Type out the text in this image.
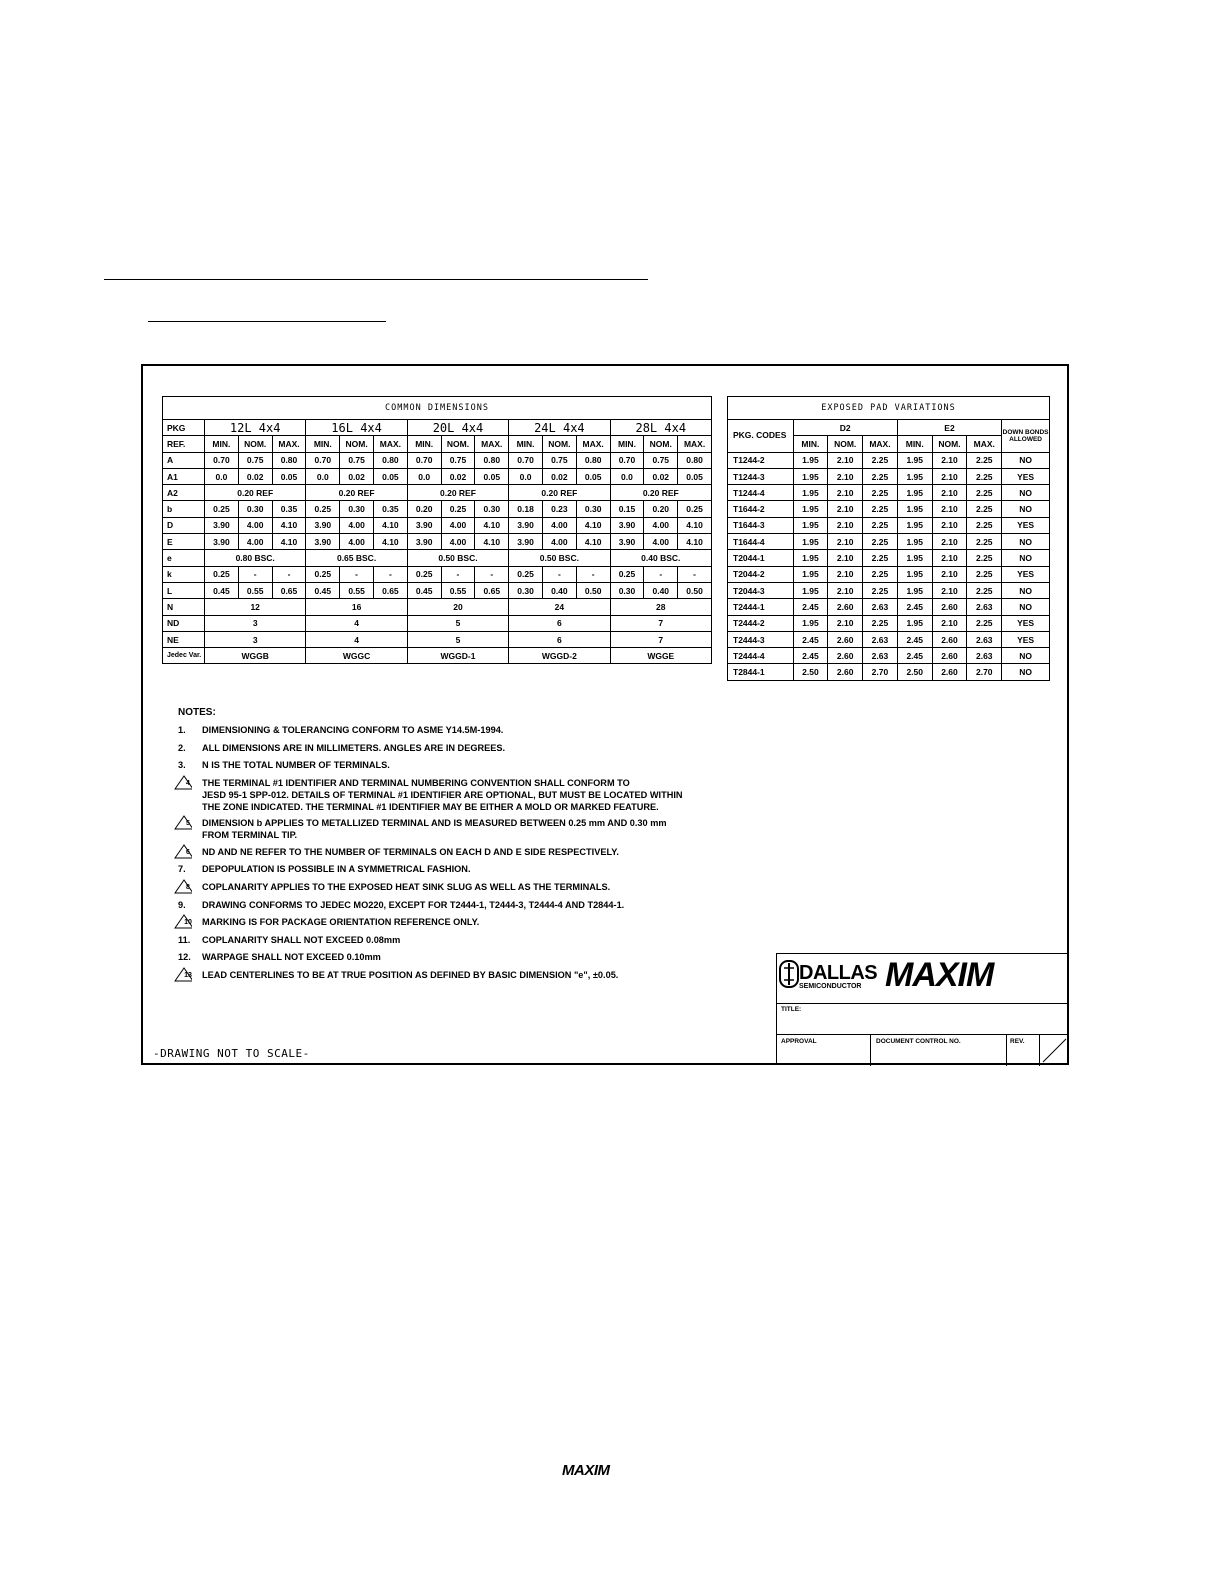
COMMON DIMENSIONS															
PKG	12L 4x4			16L 4x4			20L 4x4			24L 4x4			28L 4x4		
REF.	MIN.	NOM.	MAX.	MIN.	NOM.	MAX.	MIN.	NOM.	MAX.	MIN.	NOM.	MAX.	MIN.	NOM.	MAX.
A	0.70	0.75	0.80	0.70	0.75	0.80	0.70	0.75	0.80	0.70	0.75	0.80	0.70	0.75	0.80
A1	0.0	0.02	0.05	0.0	0.02	0.05	0.0	0.02	0.05	0.0	0.02	0.05	0.0	0.02	0.05
A2	0.20 REF			0.20 REF			0.20 REF			0.20 REF			0.20 REF		
b	0.25	0.30	0.35	0.25	0.30	0.35	0.20	0.25	0.30	0.18	0.23	0.30	0.15	0.20	0.25
D	3.90	4.00	4.10	3.90	4.00	4.10	3.90	4.00	4.10	3.90	4.00	4.10	3.90	4.00	4.10
E	3.90	4.00	4.10	3.90	4.00	4.10	3.90	4.00	4.10	3.90	4.00	4.10	3.90	4.00	4.10
e	0.80 BSC.			0.65 BSC.			0.50 BSC.			0.50 BSC.			0.40 BSC.		
k	0.25	-	-	0.25	-	-	0.25	-	-	0.25	-	-	0.25	-	-
L	0.45	0.55	0.65	0.45	0.55	0.65	0.45	0.55	0.65	0.30	0.40	0.50	0.30	0.40	0.50
N	12			16			20			24			28		
ND	3			4			5			6			7		
NE	3			4			5			6			7		
Jedec Var.	WGGB			WGGC			WGGD-1			WGGD-2			WGGE		
EXPOSED PAD VARIATIONS							
PKG. CODES	D2			E2			DOWN BONDS ALLOWED
	MIN.	NOM.	MAX.	MIN.	NOM.	MAX.	
T1244-2	1.95	2.10	2.25	1.95	2.10	2.25	NO
T1244-3	1.95	2.10	2.25	1.95	2.10	2.25	YES
T1244-4	1.95	2.10	2.25	1.95	2.10	2.25	NO
T1644-2	1.95	2.10	2.25	1.95	2.10	2.25	NO
T1644-3	1.95	2.10	2.25	1.95	2.10	2.25	YES
T1644-4	1.95	2.10	2.25	1.95	2.10	2.25	NO
T2044-1	1.95	2.10	2.25	1.95	2.10	2.25	NO
T2044-2	1.95	2.10	2.25	1.95	2.10	2.25	YES
T2044-3	1.95	2.10	2.25	1.95	2.10	2.25	NO
T2444-1	2.45	2.60	2.63	2.45	2.60	2.63	NO
T2444-2	1.95	2.10	2.25	1.95	2.10	2.25	YES
T2444-3	2.45	2.60	2.63	2.45	2.60	2.63	YES
T2444-4	2.45	2.60	2.63	2.45	2.60	2.63	NO
T2844-1	2.50	2.60	2.70	2.50	2.60	2.70	NO
NOTES:
1. DIMENSIONING & TOLERANCING CONFORM TO ASME Y14.5M-1994.
2. ALL DIMENSIONS ARE IN MILLIMETERS. ANGLES ARE IN DEGREES.
3. N IS THE TOTAL NUMBER OF TERMINALS.
4	THE TERMINAL #1 IDENTIFIER AND TERMINAL NUMBERING CONVENTION SHALL CONFORM TO
JESD 95-1 SPP-012. DETAILS OF TERMINAL #1 IDENTIFIER ARE OPTIONAL, BUT MUST BE LOCATED WITHIN
THE ZONE INDICATED. THE TERMINAL #1 IDENTIFIER MAY BE EITHER A MOLD OR MARKED FEATURE.
5	DIMENSION b APPLIES TO METALLIZED TERMINAL AND IS MEASURED BETWEEN 0.25 mm AND 0.30 mm
FROM TERMINAL TIP.
6	ND AND NE REFER TO THE NUMBER OF TERMINALS ON EACH D AND E SIDE RESPECTIVELY.
7. DEPOPULATION IS POSSIBLE IN A SYMMETRICAL FASHION.
8	COPLANARITY APPLIES TO THE EXPOSED HEAT SINK SLUG AS WELL AS THE TERMINALS.
9. DRAWING CONFORMS TO JEDEC MO220, EXCEPT FOR T2444-1, T2444-3, T2444-4 AND T2844-1.
10	MARKING IS FOR PACKAGE ORIENTATION REFERENCE ONLY.
11. COPLANARITY SHALL NOT EXCEED 0.08mm
12. WARPAGE SHALL NOT EXCEED 0.10mm
13	LEAD CENTERLINES TO BE AT TRUE POSITION AS DEFINED BY BASIC DIMENSION "e", ±0.05.
-DRAWING NOT TO SCALE-
DALLAS
SEMICONDUCTOR MAXIM
TITLE:
APPROVAL	DOCUMENT CONTROL NO.	REV.
MAXIM
